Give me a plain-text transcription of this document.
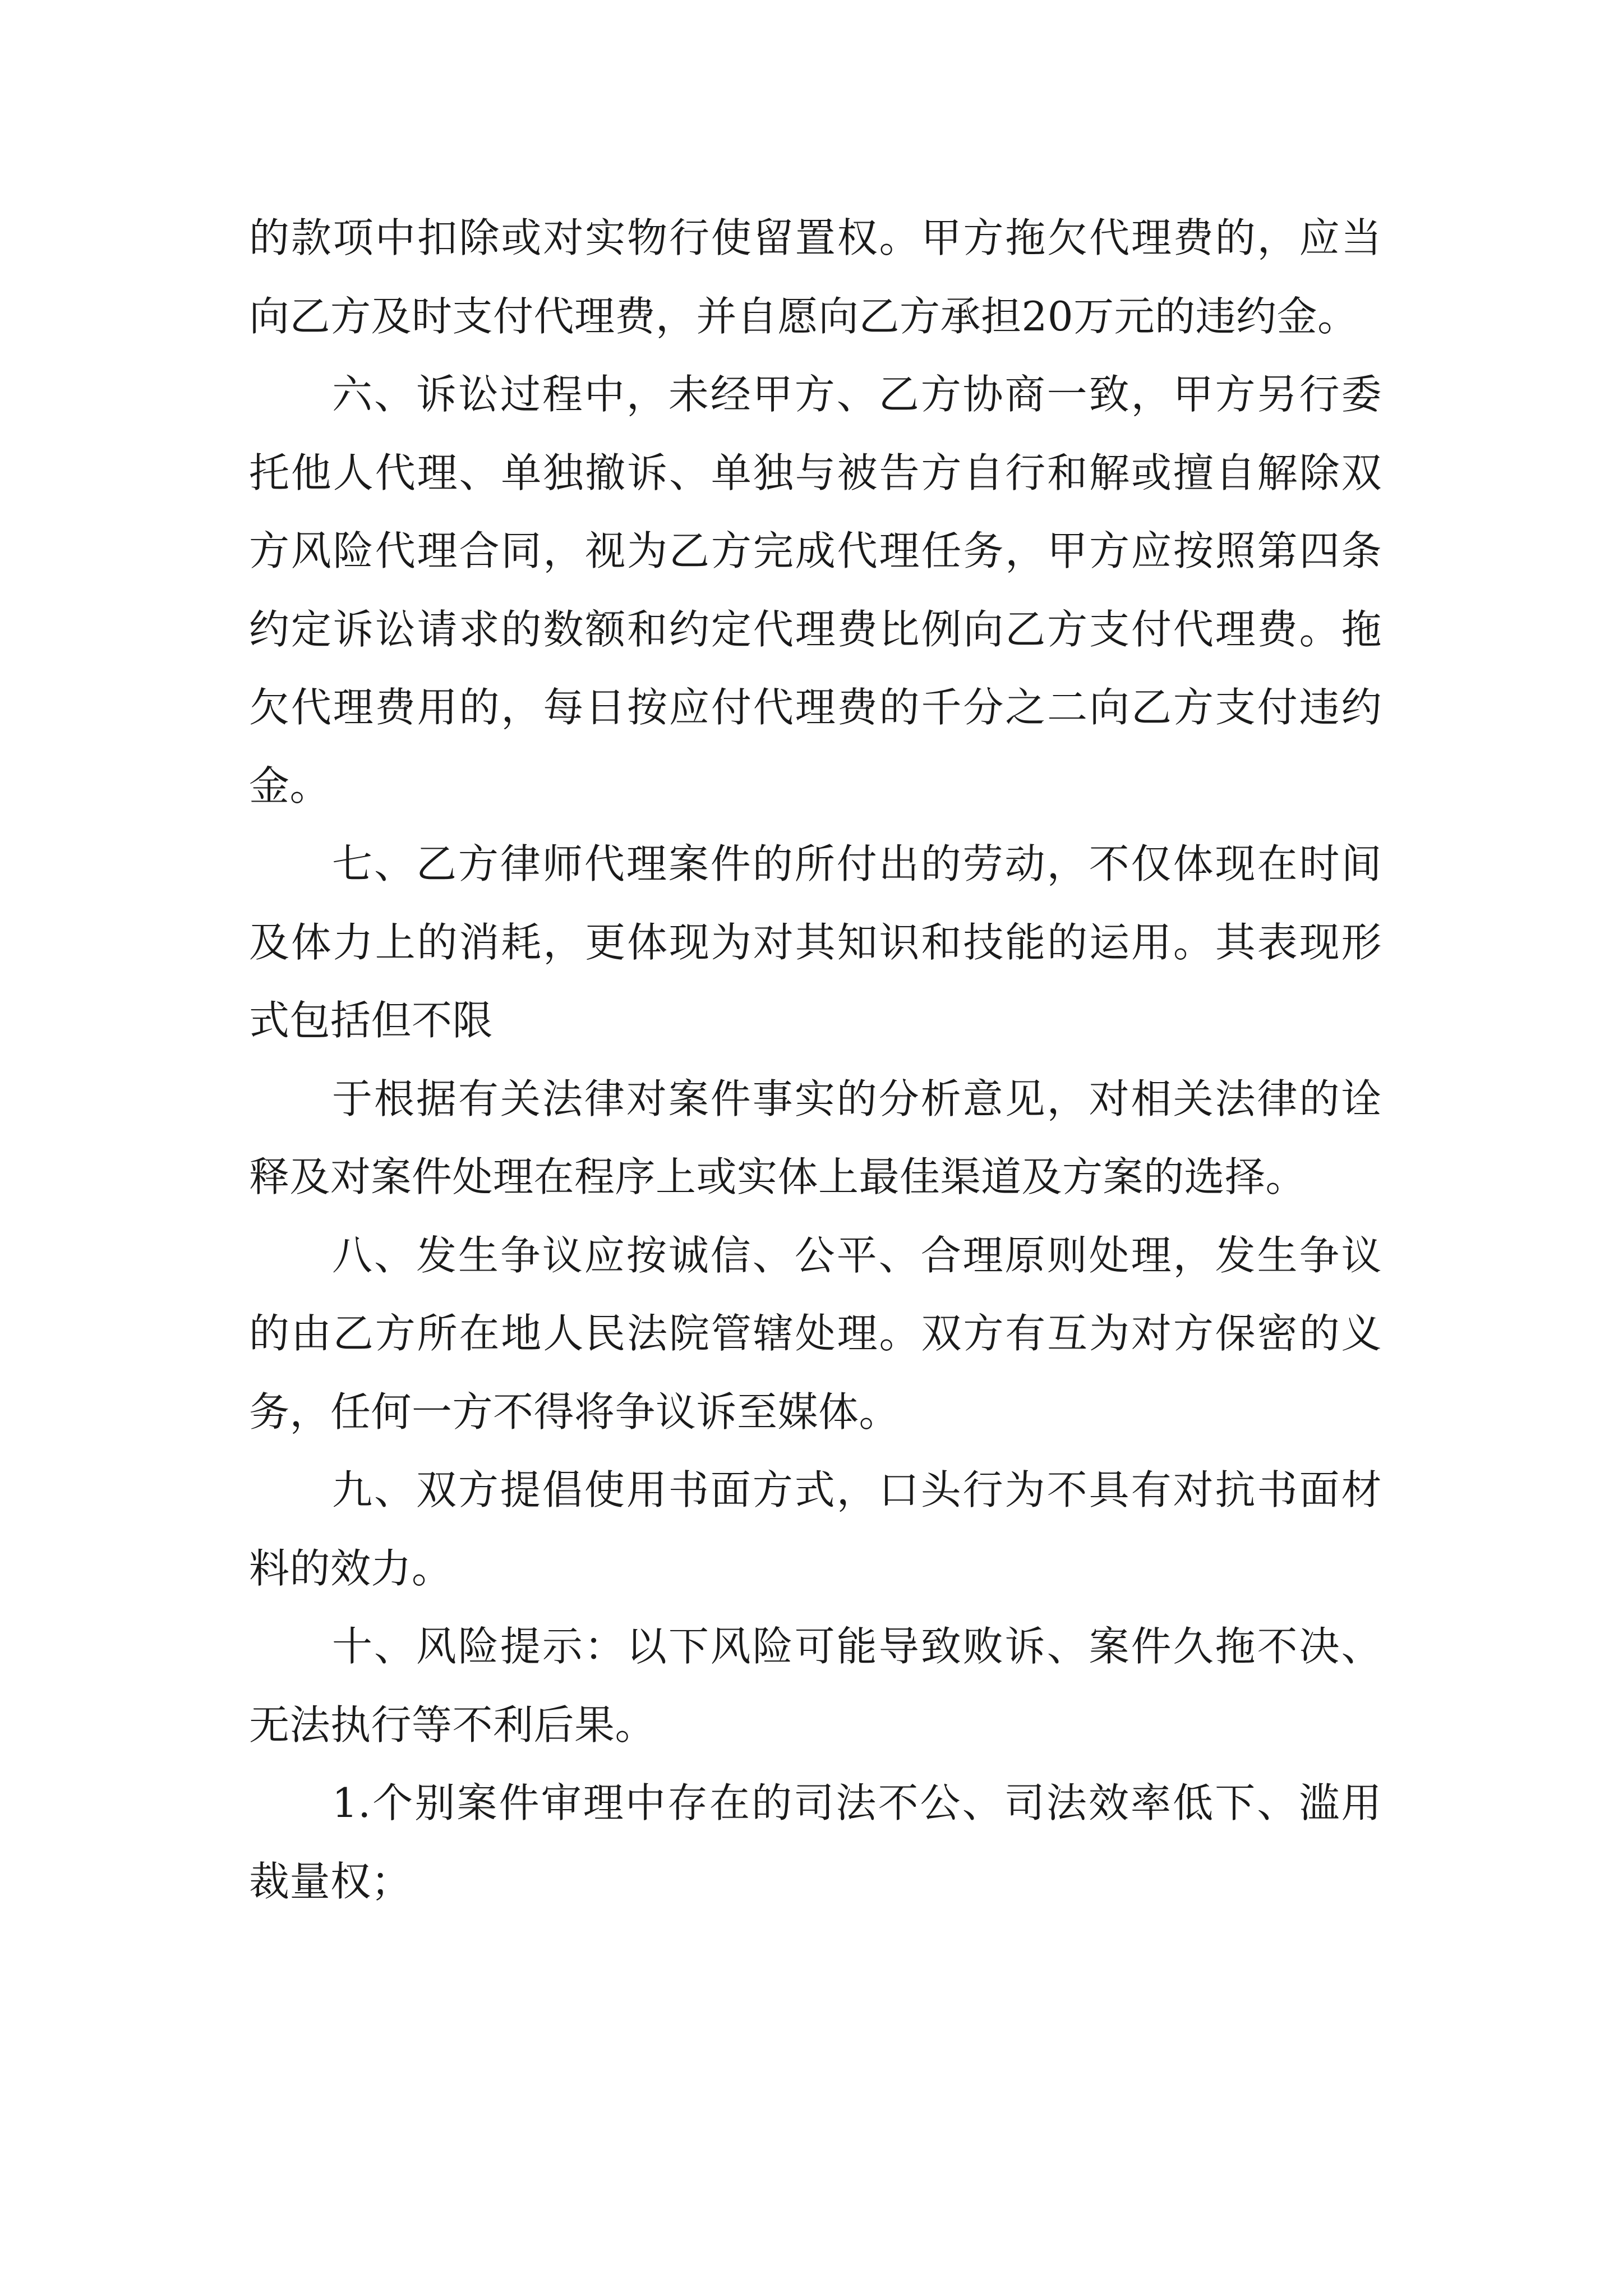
的款项中扣除或对实物行使留置权。甲方拖欠代理费的，应当向乙方及时支付代理费，并自愿向乙方承担20万元的违约金。

六、诉讼过程中，未经甲方、乙方协商一致，甲方另行委托他人代理、单独撤诉、单独与被告方自行和解或擅自解除双方风险代理合同，视为乙方完成代理任务，甲方应按照第四条约定诉讼请求的数额和约定代理费比例向乙方支付代理费。拖欠代理费用的，每日按应付代理费的千分之二向乙方支付违约金。

七、乙方律师代理案件的所付出的劳动，不仅体现在时间及体力上的消耗，更体现为对其知识和技能的运用。其表现形式包括但不限

于根据有关法律对案件事实的分析意见，对相关法律的诠释及对案件处理在程序上或实体上最佳渠道及方案的选择。

八、发生争议应按诚信、公平、合理原则处理，发生争议的由乙方所在地人民法院管辖处理。双方有互为对方保密的义务，任何一方不得将争议诉至媒体。

九、双方提倡使用书面方式，口头行为不具有对抗书面材料的效力。

十、风险提示：以下风险可能导致败诉、案件久拖不决、无法执行等不利后果。

1.个别案件审理中存在的司法不公、司法效率低下、滥用裁量权；
